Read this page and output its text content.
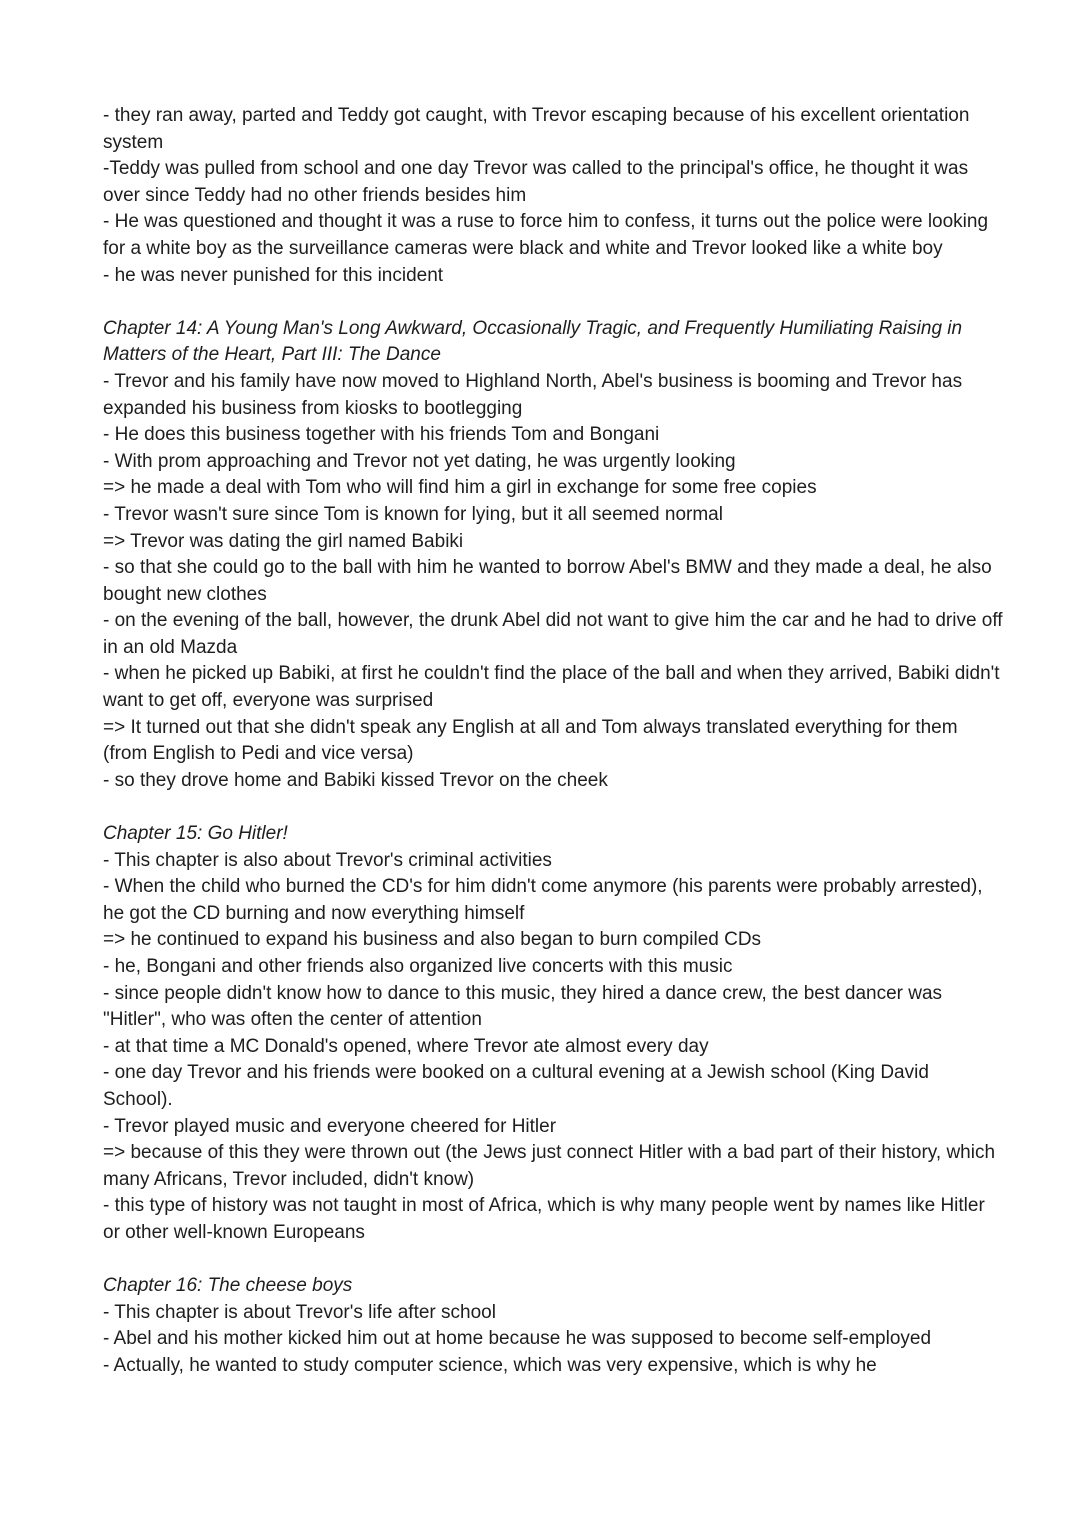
- they ran away, parted and Teddy got caught, with Trevor escaping because of his excellent orientation system

-Teddy was pulled from school and one day Trevor was called to the principal's office, he thought it was over since Teddy had no other friends besides him

- He was questioned and thought it was a ruse to force him to confess, it turns out the police were looking for a white boy as the surveillance cameras were black and white and Trevor looked like a white boy

- he was never punished for this incident

Chapter 14: A Young Man's Long Awkward, Occasionally Tragic, and Frequently Humiliating Raising in Matters of the Heart, Part III: The Dance

- Trevor and his family have now moved to Highland North, Abel's business is booming and Trevor has expanded his business from kiosks to bootlegging

- He does this business together with his friends Tom and Bongani

- With prom approaching and Trevor not yet dating, he was urgently looking

=> he made a deal with Tom who will find him a girl in exchange for some free copies

- Trevor wasn't sure since Tom is known for lying, but it all seemed normal

=> Trevor was dating the girl named Babiki

- so that she could go to the ball with him he wanted to borrow Abel's BMW and they made a deal, he also bought new clothes

- on the evening of the ball, however, the drunk Abel did not want to give him the car and he had to drive off in an old Mazda

- when he picked up Babiki, at first he couldn't find the place of the ball and when they arrived, Babiki didn't want to get off, everyone was surprised

=> It turned out that she didn't speak any English at all and Tom always translated everything for them (from English to Pedi and vice versa)

- so they drove home and Babiki kissed Trevor on the cheek

Chapter 15: Go Hitler!

- This chapter is also about Trevor's criminal activities

- When the child who burned the CD's for him didn't come anymore (his parents were probably arrested), he got the CD burning and now everything himself

=> he continued to expand his business and also began to burn compiled CDs

- he, Bongani and other friends also organized live concerts with this music

- since people didn't know how to dance to this music, they hired a dance crew, the best dancer was "Hitler", who was often the center of attention

- at that time a MC Donald's opened, where Trevor ate almost every day

- one day Trevor and his friends were booked on a cultural evening at a Jewish school (King David School).

- Trevor played music and everyone cheered for Hitler

=> because of this they were thrown out (the Jews just connect Hitler with a bad part of their history, which many Africans, Trevor included, didn't know)

- this type of history was not taught in most of Africa, which is why many people went by names like Hitler or other well-known Europeans

Chapter 16: The cheese boys

- This chapter is about Trevor's life after school

- Abel and his mother kicked him out at home because he was supposed to become self-employed

- Actually, he wanted to study computer science, which was very expensive, which is why he
